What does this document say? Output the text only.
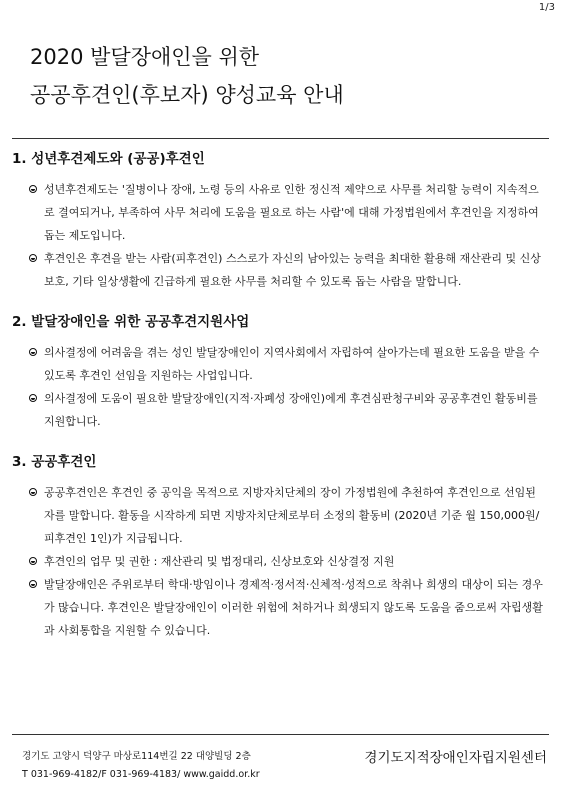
1/3
2020 발달장애인을 위한
공공후견인(후보자) 양성교육 안내
1. 성년후견제도와 (공공)후견인

성년후견제도는 '질병이나 장애, 노령 등의 사유로 인한 정신적 제약으로 사무를 처리할 능력이 지속적으로 결여되거나, 부족하여 사무 처리에 도움을 필요로 하는 사람'에 대해 가정법원에서 후견인을 지정하여 돕는 제도입니다.

후견인은 후견을 받는 사람(피후견인) 스스로가 자신의 남아있는 능력을 최대한 활용해 재산관리 및 신상보호, 기타 일상생활에 긴급하게 필요한 사무를 처리할 수 있도록 돕는 사람을 말합니다.

2. 발달장애인을 위한 공공후견지원사업

의사결정에 어려움을 겪는 성인 발달장애인이 지역사회에서 자립하여 살아가는데 필요한 도움을 받을 수 있도록 후견인 선임을 지원하는 사업입니다.

의사결정에 도움이 필요한 발달장애인(지적·자폐성 장애인)에게 후견심판청구비와 공공후견인 활동비를 지원합니다.

3. 공공후견인

공공후견인은 후견인 중 공익을 목적으로 지방자치단체의 장이 가정법원에 추천하여 후견인으로 선임된 자를 말합니다. 활동을 시작하게 되면 지방자치단체로부터 소정의 활동비 (2020년 기준 월 150,000원/피후견인 1인)가 지급됩니다.

후견인의 업무 및 권한 : 재산관리 및 법정대리, 신상보호와 신상결정 지원

발달장애인은 주위로부터 학대·방임이나 경제적·정서적·신체적·성적으로 착취나 희생의 대상이 되는 경우가 많습니다. 후견인은 발달장애인이 이러한 위험에 처하거나 희생되지 않도록 도움을 줌으로써 자립생활과 사회통합을 지원할 수 있습니다.

경기도 고양시 덕양구 마상로114번길 22 대양빌딩 2층
T 031-969-4182/F 031-969-4183/ www.gaidd.or.kr
경기도지적장애인자립지원센터
